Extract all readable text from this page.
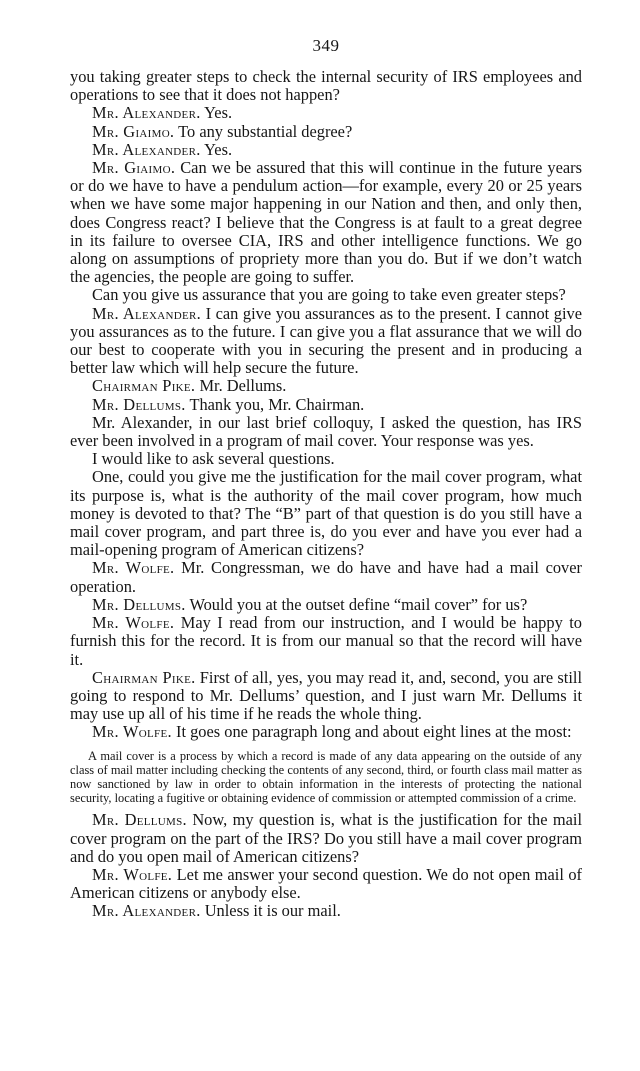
349

you taking greater steps to check the internal security of IRS employees and operations to see that it does not happen?

Mr. Alexander. Yes.

Mr. Giaimo. To any substantial degree?

Mr. Alexander. Yes.

Mr. Giaimo. Can we be assured that this will continue in the future years or do we have to have a pendulum action—for example, every 20 or 25 years when we have some major happening in our Nation and then, and only then, does Congress react? I believe that the Congress is at fault to a great degree in its failure to oversee CIA, IRS and other intelligence functions. We go along on assumptions of propriety more than you do. But if we don’t watch the agencies, the people are going to suffer.

Can you give us assurance that you are going to take even greater steps?

Mr. Alexander. I can give you assurances as to the present. I cannot give you assurances as to the future. I can give you a flat assurance that we will do our best to cooperate with you in securing the present and in producing a better law which will help secure the future.

Chairman Pike. Mr. Dellums.

Mr. Dellums. Thank you, Mr. Chairman.

Mr. Alexander, in our last brief colloquy, I asked the question, has IRS ever been involved in a program of mail cover. Your response was yes.

I would like to ask several questions.

One, could you give me the justification for the mail cover program, what its purpose is, what is the authority of the mail cover program, how much money is devoted to that? The “B” part of that question is do you still have a mail cover program, and part three is, do you ever and have you ever had a mail-opening program of American citizens?

Mr. Wolfe. Mr. Congressman, we do have and have had a mail cover operation.

Mr. Dellums. Would you at the outset define “mail cover” for us?

Mr. Wolfe. May I read from our instruction, and I would be happy to furnish this for the record. It is from our manual so that the record will have it.

Chairman Pike. First of all, yes, you may read it, and, second, you are still going to respond to Mr. Dellums’ question, and I just warn Mr. Dellums it may use up all of his time if he reads the whole thing.

Mr. Wolfe. It goes one paragraph long and about eight lines at the most:

A mail cover is a process by which a record is made of any data appearing on the outside of any class of mail matter including checking the contents of any second, third, or fourth class mail matter as now sanctioned by law in order to obtain information in the interests of protecting the national security, locating a fugitive or obtaining evidence of commission or attempted commission of a crime.

Mr. Dellums. Now, my question is, what is the justification for the mail cover program on the part of the IRS? Do you still have a mail cover program and do you open mail of American citizens?

Mr. Wolfe. Let me answer your second question. We do not open mail of American citizens or anybody else.

Mr. Alexander. Unless it is our mail.
